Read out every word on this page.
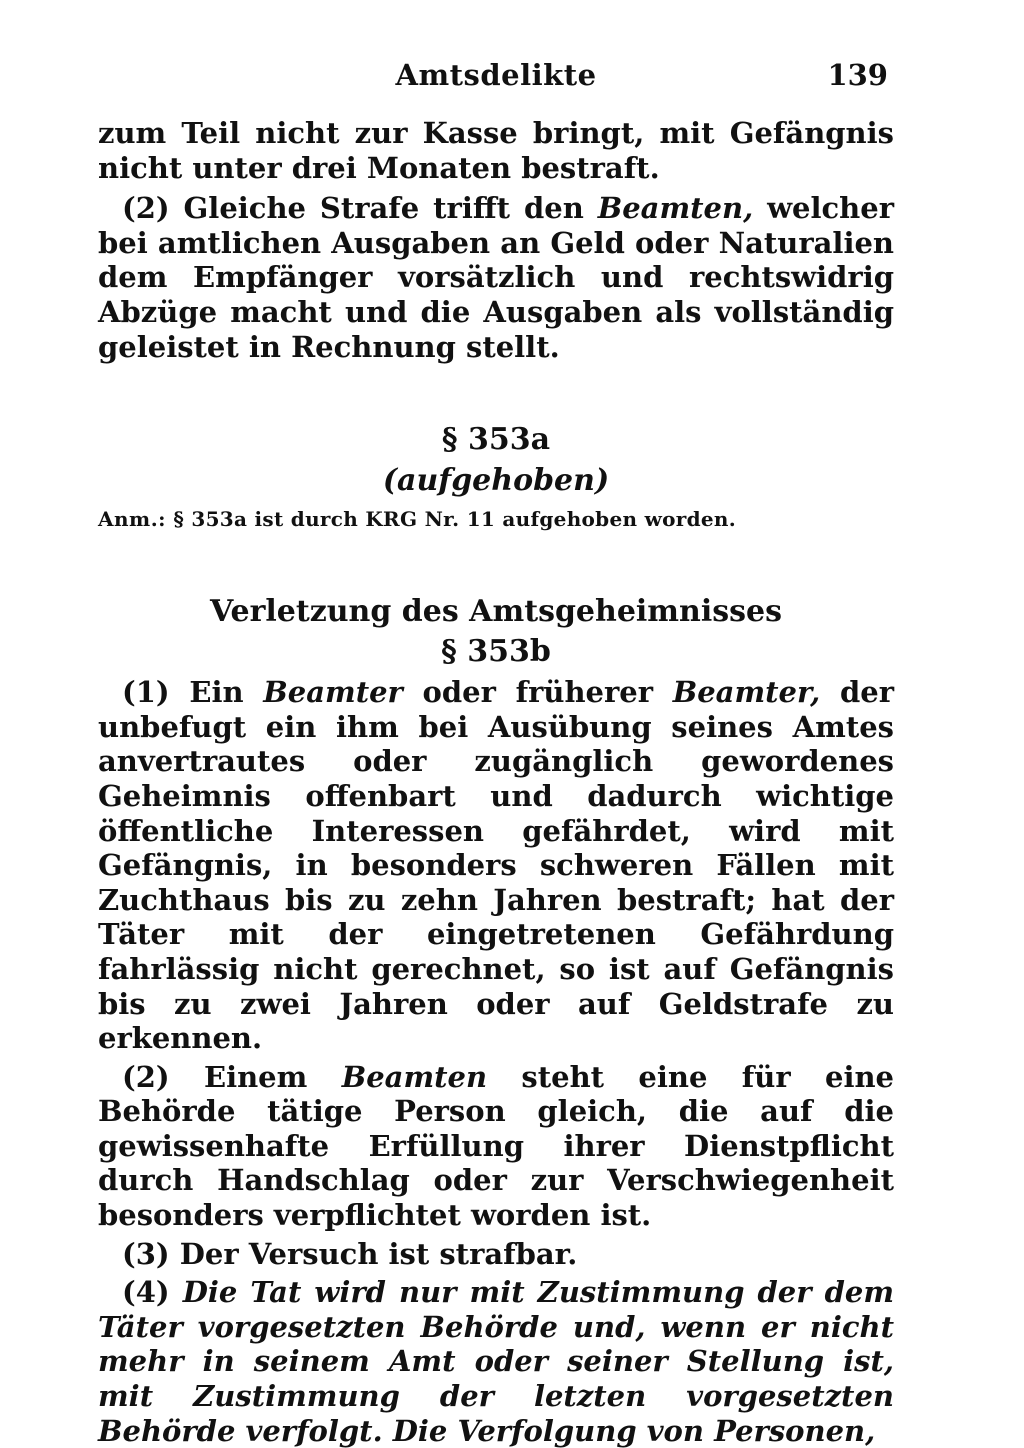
Amtsdelikte	139

zum Teil nicht zur Kasse bringt, mit Gefängnis nicht unter drei Monaten bestraft.

(2) Gleiche Strafe trifft den Beamten, welcher bei amtlichen Ausgaben an Geld oder Naturalien dem Empfänger vorsätzlich und rechtswidrig Abzüge macht und die Ausgaben als vollständig geleistet in Rechnung stellt.

§ 353a

(aufgehoben)

Anm.: § 353a ist durch KRG Nr. 11 aufgehoben worden.

Verletzung des Amtsgeheimnisses

§ 353b

(1) Ein Beamter oder früherer Beamter, der unbefugt ein ihm bei Ausübung seines Amtes anvertrautes oder zugänglich gewordenes Geheimnis offenbart und dadurch wichtige öffentliche Interessen gefährdet, wird mit Gefängnis, in besonders schweren Fällen mit Zuchthaus bis zu zehn Jahren bestraft; hat der Täter mit der eingetretenen Gefährdung fahrlässig nicht gerechnet, so ist auf Gefängnis bis zu zwei Jahren oder auf Geldstrafe zu erkennen.

(2) Einem Beamten steht eine für eine Behörde tätige Person gleich, die auf die gewissenhafte Erfüllung ihrer Dienstpflicht durch Handschlag oder zur Verschwiegenheit besonders verpflichtet worden ist.

(3) Der Versuch ist strafbar.

(4) Die Tat wird nur mit Zustimmung der dem Täter vorgesetzten Behörde und, wenn er nicht mehr in seinem Amt oder seiner Stellung ist, mit Zustimmung der letzten vorgesetzten Behörde verfolgt. Die Verfolgung von Personen,
